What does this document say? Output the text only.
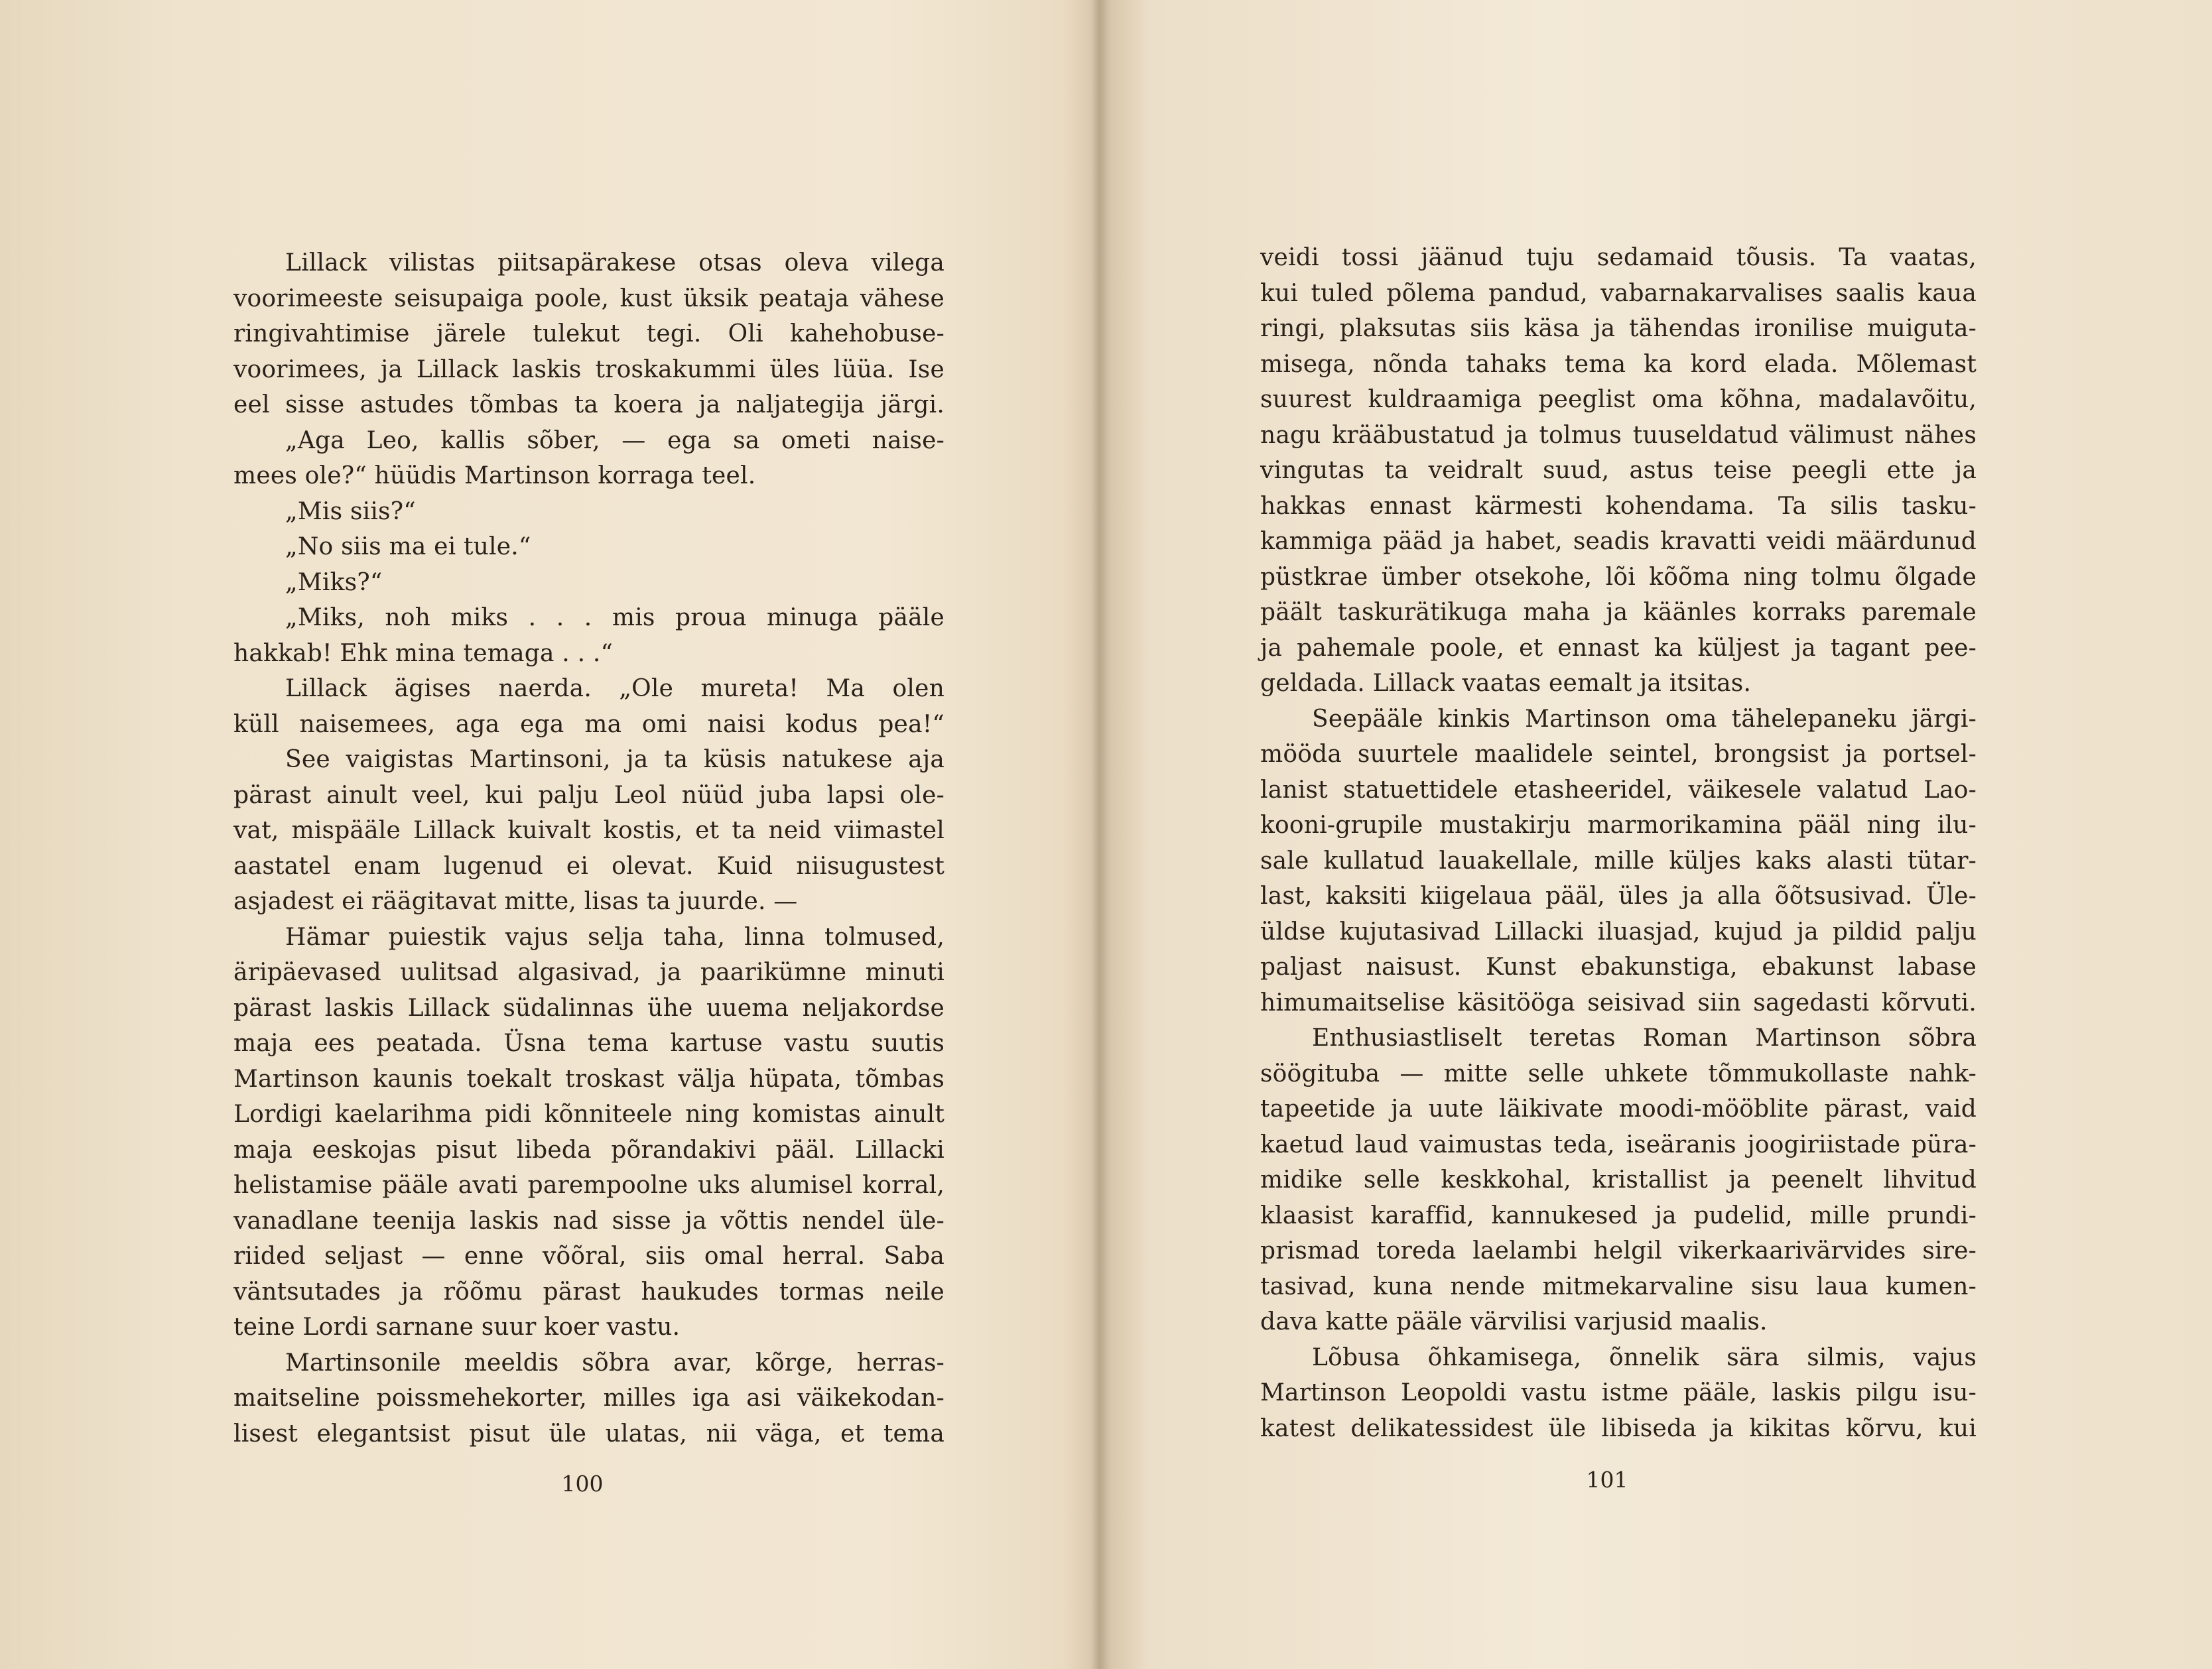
Lillack vilistas piitsapärakese otsas oleva vilega
voorimeeste seisupaiga poole, kust üksik peataja vähese
ringivahtimise järele tulekut tegi. Oli kahehobuse-
voorimees, ja Lillack laskis troskakummi üles lüüa. Ise
eel sisse astudes tõmbas ta koera ja naljategija järgi.
„Aga Leo, kallis sõber, — ega sa ometi naise-
mees ole?“ hüüdis Martinson korraga teel.
„Mis siis?“
„No siis ma ei tule.“
„Miks?“
„Miks, noh miks . . . mis proua minuga pääle
hakkab! Ehk mina temaga . . .“
Lillack ägises naerda. „Ole mureta! Ma olen
küll naisemees, aga ega ma omi naisi kodus pea!“
See vaigistas Martinsoni, ja ta küsis natukese aja
pärast ainult veel, kui palju Leol nüüd juba lapsi ole-
vat, mispääle Lillack kuivalt kostis, et ta neid viimastel
aastatel enam lugenud ei olevat. Kuid niisugustest
asjadest ei räägitavat mitte, lisas ta juurde. —
Hämar puiestik vajus selja taha, linna tolmused,
äripäevased uulitsad algasivad, ja paarikümne minuti
pärast laskis Lillack südalinnas ühe uuema neljakordse
maja ees peatada. Üsna tema kartuse vastu suutis
Martinson kaunis toekalt troskast välja hüpata, tõmbas
Lordigi kaelarihma pidi kõnniteele ning komistas ainult
maja eeskojas pisut libeda põrandakivi pääl. Lillacki
helistamise pääle avati parempoolne uks alumisel korral,
vanadlane teenija laskis nad sisse ja võttis nendel üle-
riided seljast — enne võõral, siis omal herral. Saba
väntsutades ja rõõmu pärast haukudes tormas neile
teine Lordi sarnane suur koer vastu.
Martinsonile meeldis sõbra avar, kõrge, herras-
maitseline poissmehekorter, milles iga asi väikekodan-
lisest elegantsist pisut üle ulatas, nii väga, et tema
100
veidi tossi jäänud tuju sedamaid tõusis. Ta vaatas,
kui tuled põlema pandud, vabarnakarvalises saalis kaua
ringi, plaksutas siis käsa ja tähendas ironilise muiguta-
misega, nõnda tahaks tema ka kord elada. Mõlemast
suurest kuldraamiga peeglist oma kõhna, madalavõitu,
nagu krääbustatud ja tolmus tuuseldatud välimust nähes
vingutas ta veidralt suud, astus teise peegli ette ja
hakkas ennast kärmesti kohendama. Ta silis tasku-
kammiga pääd ja habet, seadis kravatti veidi määrdunud
püstkrae ümber otsekohe, lõi kõõma ning tolmu õlgade
päält taskurätikuga maha ja käänles korraks paremale
ja pahemale poole, et ennast ka küljest ja tagant pee-
geldada. Lillack vaatas eemalt ja itsitas.
Seepääle kinkis Martinson oma tähelepaneku järgi-
mööda suurtele maalidele seintel, brongsist ja portsel-
lanist statuettidele etasheeridel, väikesele valatud Lao-
kooni-grupile mustakirju marmorikamina pääl ning ilu-
sale kullatud lauakellale, mille küljes kaks alasti tütar-
last, kaksiti kiigelaua pääl, üles ja alla õõtsusivad. Üle-
üldse kujutasivad Lillacki iluasjad, kujud ja pildid palju
paljast naisust. Kunst ebakunstiga, ebakunst labase
himumaitselise käsitööga seisivad siin sagedasti kõrvuti.
Enthusiastliselt teretas Roman Martinson sõbra
söögituba — mitte selle uhkete tõmmukollaste nahk-
tapeetide ja uute läikivate moodi-mööblite pärast, vaid
kaetud laud vaimustas teda, iseäranis joogiriistade püra-
midike selle keskkohal, kristallist ja peenelt lihvitud
klaasist karaffid, kannukesed ja pudelid, mille prundi-
prismad toreda laelambi helgil vikerkaarivärvides sire-
tasivad, kuna nende mitmekarvaline sisu laua kumen-
dava katte pääle värvilisi varjusid maalis.
Lõbusa õhkamisega, õnnelik sära silmis, vajus
Martinson Leopoldi vastu istme pääle, laskis pilgu isu-
katest delikatessidest üle libiseda ja kikitas kõrvu, kui
101
